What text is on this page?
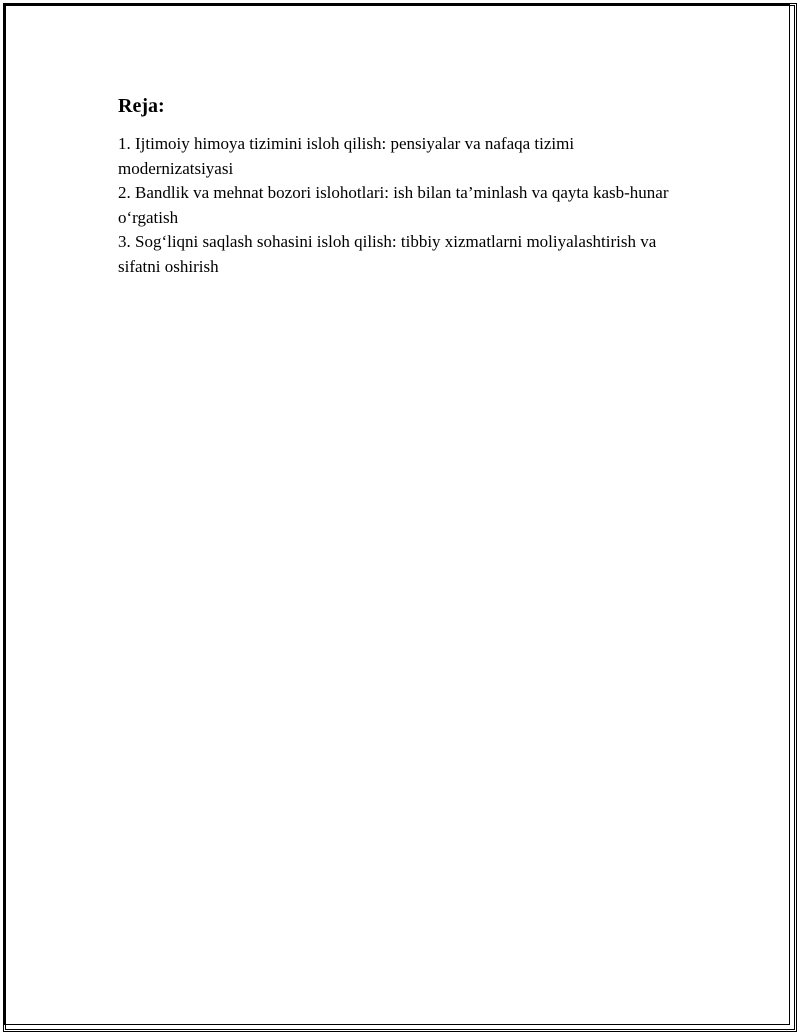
Reja:
1. Ijtimoiy himoya tizimini isloh qilish: pensiyalar va nafaqa tizimi modernizatsiyasi
2. Bandlik va mehnat bozori islohotlari: ish bilan ta’minlash va qayta kasb-hunar o‘rgatish
3. Sog‘liqni saqlash sohasini isloh qilish: tibbiy xizmatlarni moliyalashtirish va sifatni oshirish
